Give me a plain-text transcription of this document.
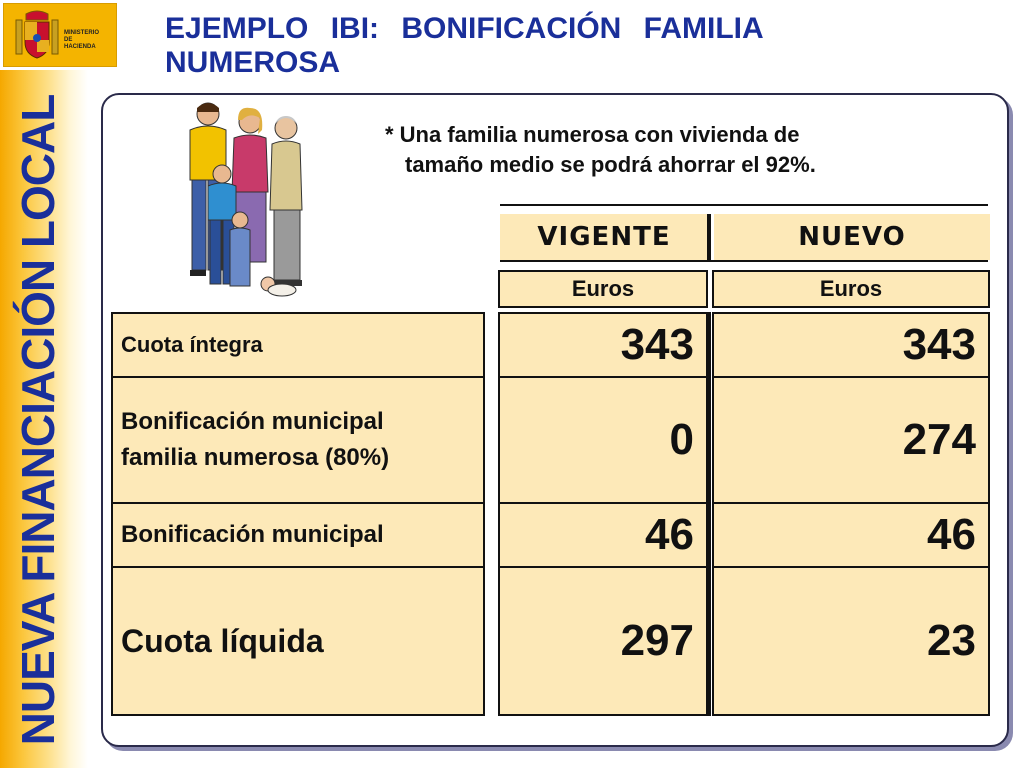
NUEVA FINANCIACIÓN LOCAL
MINISTERIO
DE
HACIENDA
EJEMPLO IBI: BONIFICACIÓN FAMILIA NUMEROSA
* Una familia numerosa con vivienda de
tamaño medio se podrá ahorrar el 92%.
VIGENTE	NUEVO
Euros	Euros
Cuota íntegra
Bonificación municipal familia numerosa (80%)
Bonificación municipal
Cuota líquida
343
0
46
297
343
274
46
23
